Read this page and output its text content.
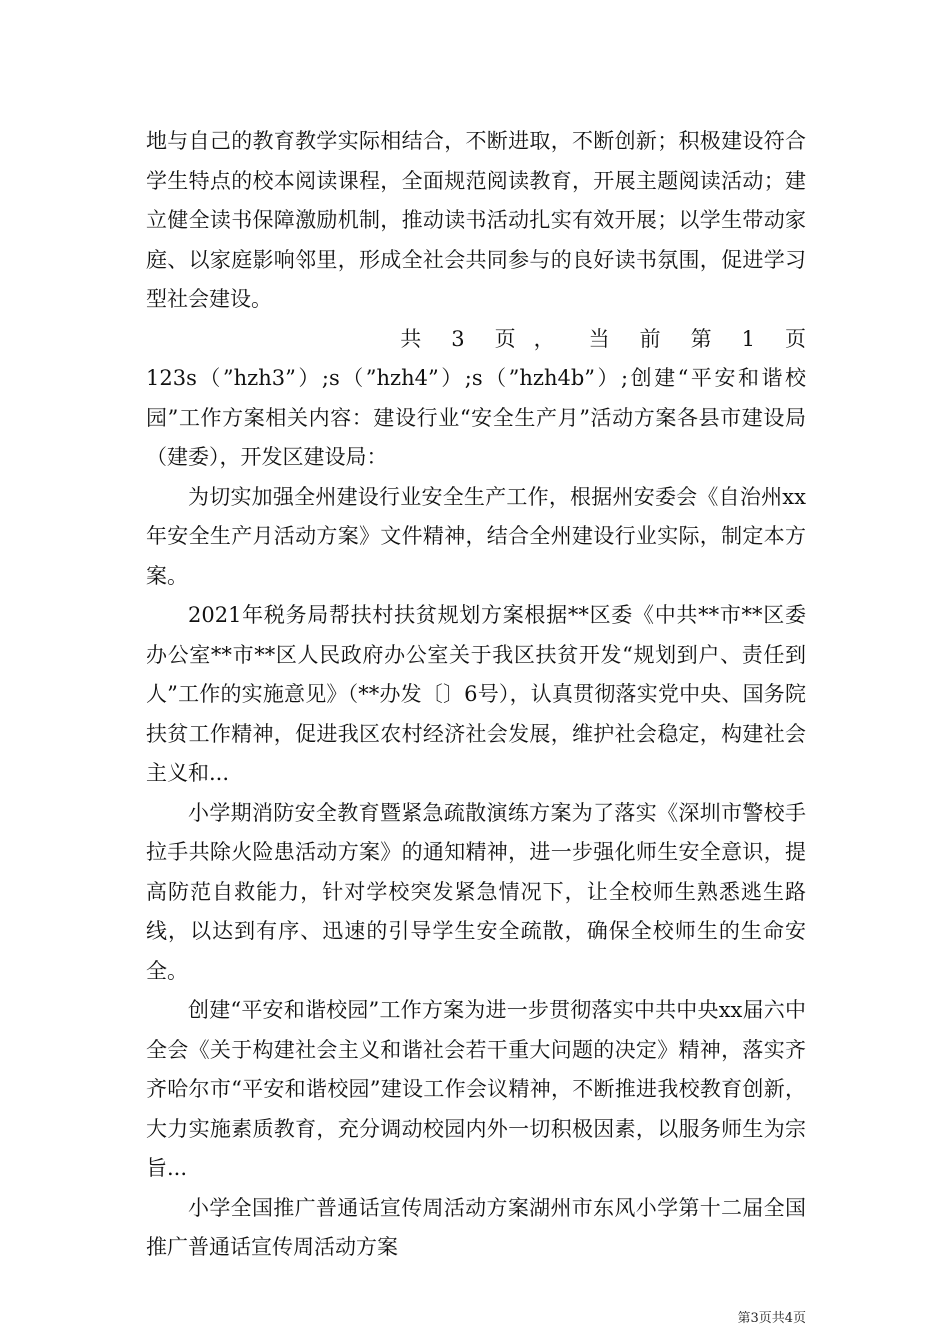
地与自己的教育教学实际相结合，不断进取，不断创新；积极建设符合学生特点的校本阅读课程，全面规范阅读教育，开展主题阅读活动；建立健全读书保障激励机制，推动读书活动扎实有效开展；以学生带动家庭、以家庭影响邻里，形成全社会共同参与的良好读书氛围，促进学习型社会建设。

共 3 页 ， 当 前 第 1 页

123s（”hzh3”）;s（”hzh4”）;s（”hzh4b”）;创建“平安和谐校园”工作方案相关内容：建设行业“安全生产月”活动方案各县市建设局（建委），开发区建设局：

为切实加强全州建设行业安全生产工作，根据州安委会《自治州xx年安全生产月活动方案》文件精神，结合全州建设行业实际，制定本方案。

2021年税务局帮扶村扶贫规划方案根据**区委《中共**市**区委办公室**市**区人民政府办公室关于我区扶贫开发“规划到户、责任到人”工作的实施意见》（**办发〔〕6号），认真贯彻落实党中央、国务院扶贫工作精神，促进我区农村经济社会发展，维护社会稳定，构建社会主义和...

小学期消防安全教育暨紧急疏散演练方案为了落实《深圳市警校手拉手共除火险患活动方案》的通知精神，进一步强化师生安全意识，提高防范自救能力，针对学校突发紧急情况下，让全校师生熟悉逃生路线，以达到有序、迅速的引导学生安全疏散，确保全校师生的生命安全。

创建“平安和谐校园”工作方案为进一步贯彻落实中共中央xx届六中全会《关于构建社会主义和谐社会若干重大问题的决定》精神，落实齐齐哈尔市“平安和谐校园”建设工作会议精神，不断推进我校教育创新，大力实施素质教育，充分调动校园内外一切积极因素，以服务师生为宗旨...

小学全国推广普通话宣传周活动方案湖州市东风小学第十二届全国推广普通话宣传周活动方案

第3页共4页
